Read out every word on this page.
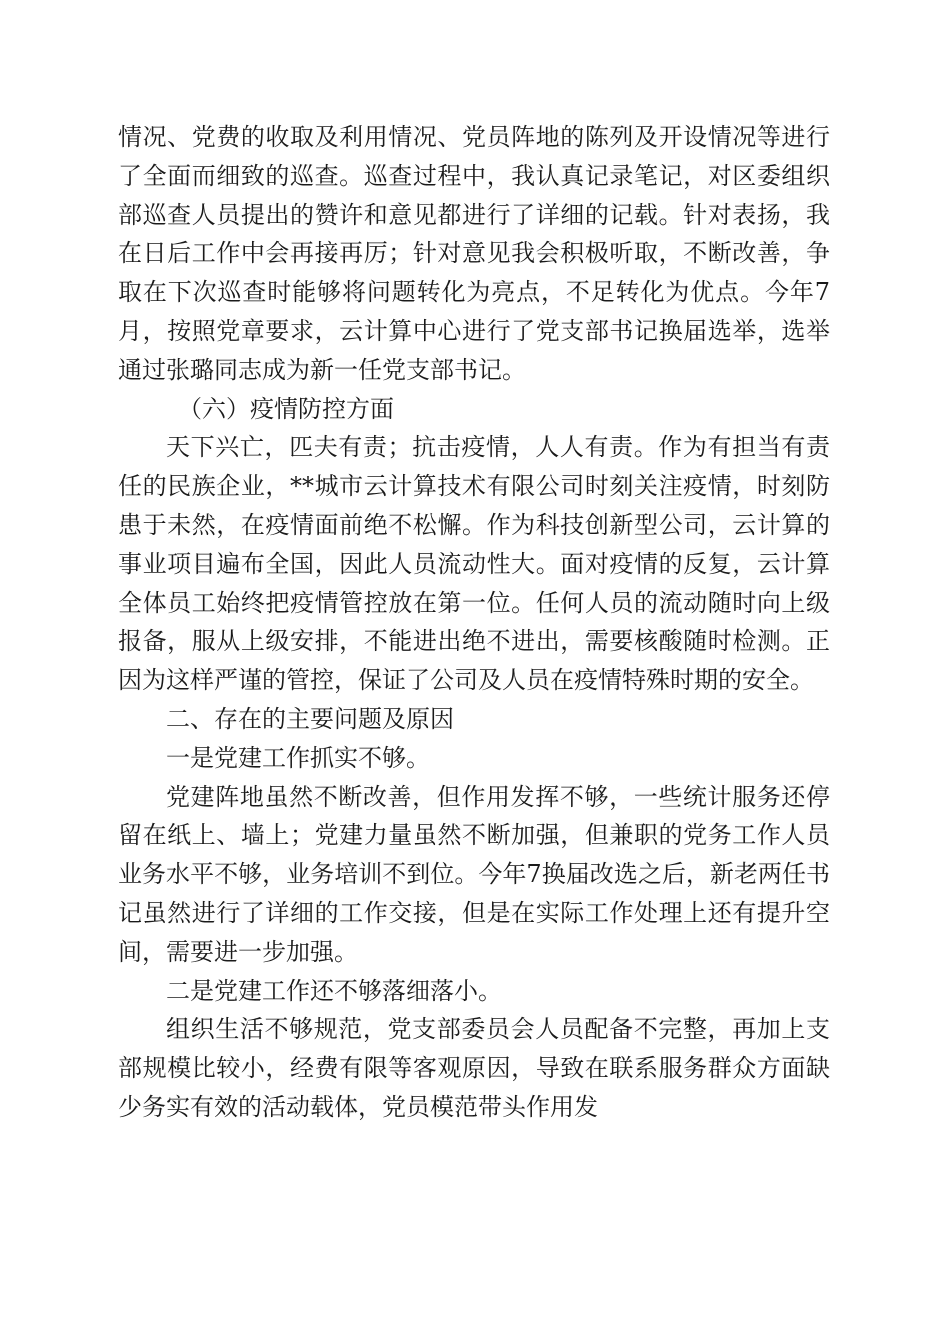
情况、党费的收取及利用情况、党员阵地的陈列及开设情况等进行了全面而细致的巡查。巡查过程中，我认真记录笔记，对区委组织部巡查人员提出的赞许和意见都进行了详细的记载。针对表扬，我在日后工作中会再接再厉；针对意见我会积极听取，不断改善，争取在下次巡查时能够将问题转化为亮点，不足转化为优点。今年7月，按照党章要求，云计算中心进行了党支部书记换届选举，选举通过张璐同志成为新一任党支部书记。

（六）疫情防控方面

天下兴亡，匹夫有责；抗击疫情，人人有责。作为有担当有责任的民族企业，**城市云计算技术有限公司时刻关注疫情，时刻防患于未然，在疫情面前绝不松懈。作为科技创新型公司，云计算的事业项目遍布全国，因此人员流动性大。面对疫情的反复，云计算全体员工始终把疫情管控放在第一位。任何人员的流动随时向上级报备，服从上级安排，不能进出绝不进出，需要核酸随时检测。正因为这样严谨的管控，保证了公司及人员在疫情特殊时期的安全。

二、存在的主要问题及原因

一是党建工作抓实不够。

党建阵地虽然不断改善，但作用发挥不够，一些统计服务还停留在纸上、墙上；党建力量虽然不断加强，但兼职的党务工作人员业务水平不够，业务培训不到位。今年7换届改选之后，新老两任书记虽然进行了详细的工作交接，但是在实际工作处理上还有提升空间，需要进一步加强。

二是党建工作还不够落细落小。

组织生活不够规范，党支部委员会人员配备不完整，再加上支部规模比较小，经费有限等客观原因，导致在联系服务群众方面缺少务实有效的活动载体，党员模范带头作用发
